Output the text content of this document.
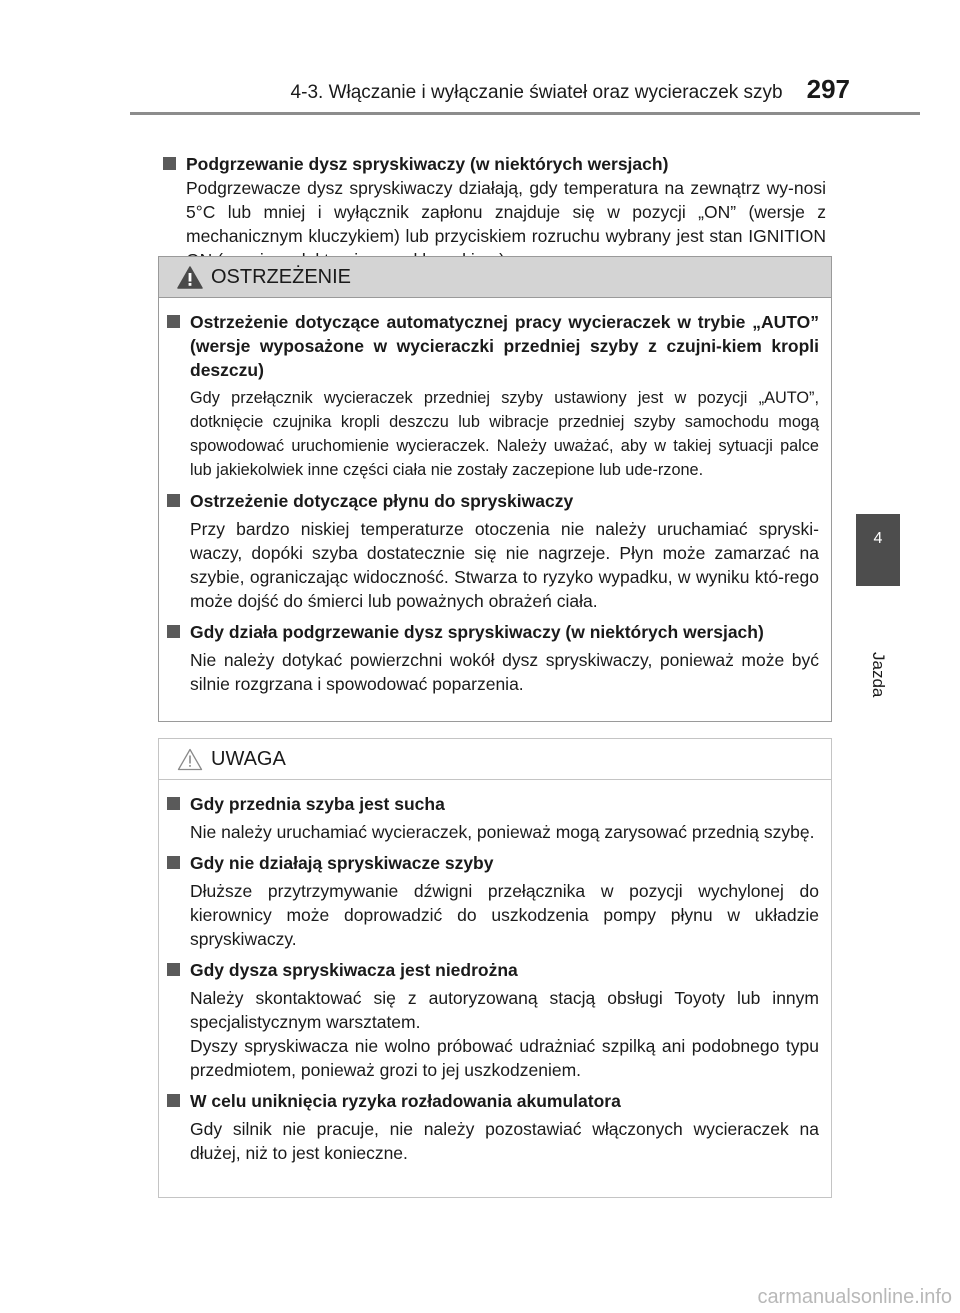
4-3. Włączanie i wyłączanie świateł oraz wycieraczek szyb 297
4
Jazda
Podgrzewanie dysz spryskiwaczy (w niektórych wersjach)
Podgrzewacze dysz spryskiwaczy działają, gdy temperatura na zewnątrz wy-nosi 5°C lub mniej i wyłącznik zapłonu znajduje się w pozycji „ON” (wersje z mechanicznym kluczykiem) lub przyciskiem rozruchu wybrany jest stan IGNITION
OSTRZEŻENIE
Ostrzeżenie dotyczące automatycznej pracy wycieraczek w trybie „AUTO” (wersje wyposażone w wycieraczki przedniej szyby z czujni-kiem kropli deszczu)
Gdy przełącznik wycieraczek przedniej szyby ustawiony jest w pozycji „AUTO”, dotknięcie czujnika kropli deszczu lub wibracje przedniej szyby samochodu mogą spowodować uruchomienie wycieraczek. Należy uważać, aby w takiej sytuacji palce lub jakiekolwiek inne części ciała nie zostały zaczepione lub ude-rzone.
Ostrzeżenie dotyczące płynu do spryskiwaczy
Przy bardzo niskiej temperaturze otoczenia nie należy uruchamiać spryski-waczy, dopóki szyba dostatecznie się nie nagrzeje. Płyn może zamarzać na szybie, ograniczając widoczność. Stwarza to ryzyko wypadku, w wyniku któ-rego może dojść do śmierci lub poważnych obrażeń ciała.
Gdy działa podgrzewanie dysz spryskiwaczy (w niektórych wersjach)
Nie należy dotykać powierzchni wokół dysz spryskiwaczy, ponieważ może być silnie rozgrzana i spowodować poparzenia.
UWAGA
Gdy przednia szyba jest sucha
Nie należy uruchamiać wycieraczek, ponieważ mogą zarysować przednią szybę.
Gdy nie działają spryskiwacze szyby
Dłuższe przytrzymywanie dźwigni przełącznika w pozycji wychylonej do kierownicy może doprowadzić do uszkodzenia pompy płynu w układzie spryskiwaczy.
Gdy dysza spryskiwacza jest niedrożna
Należy skontaktować się z autoryzowaną stacją obsługi Toyoty lub innym specjalistycznym warsztatem.
Dyszy spryskiwacza nie wolno próbować udrażniać szpilką ani podobnego typu przedmiotem, ponieważ grozi to jej uszkodzeniem.
W celu uniknięcia ryzyka rozładowania akumulatora
Gdy silnik nie pracuje, nie należy pozostawiać włączonych wycieraczek na dłużej, niż to jest konieczne.
carmanualsonline.info
